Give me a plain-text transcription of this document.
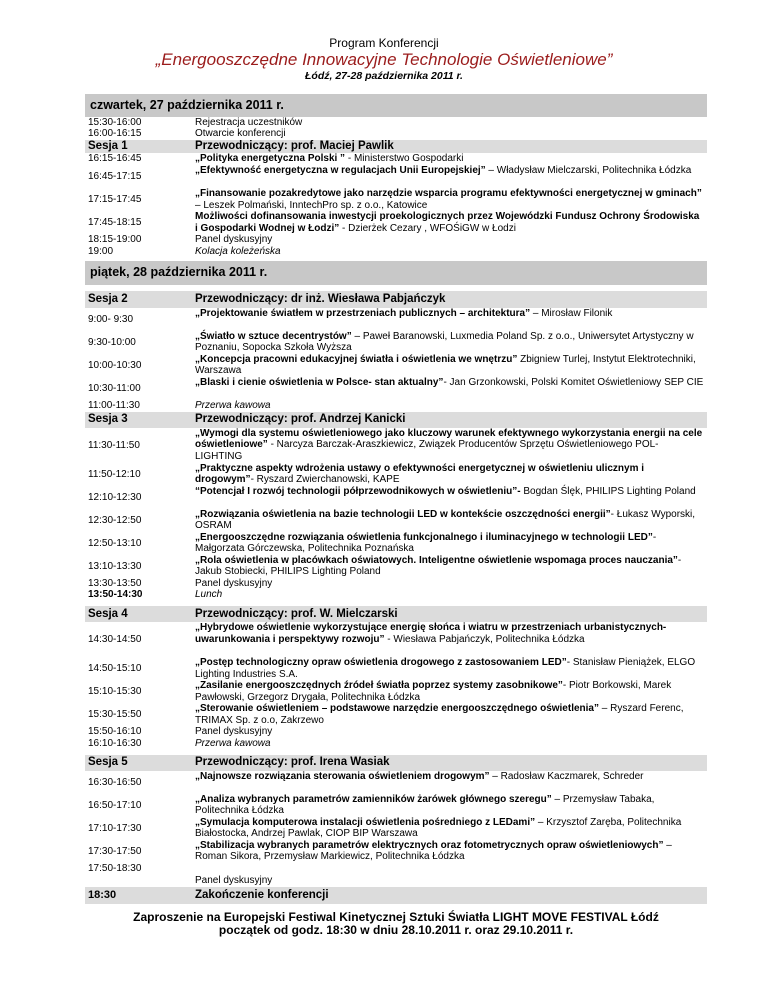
Program Konferencji
„Energooszczędne Innowacyjne Technologie Oświetleniowe”
Łódź, 27-28 października 2011 r.
czwartek, 27 października 2011 r.	
15:30-16:00	Rejestracja uczestników
16:00-16:15	Otwarcie konferencji
Sesja 1	Przewodniczący: prof. Maciej Pawlik
16:15-16:45	„Polityka energetyczna Polski ” - Ministerstwo Gospodarki
16:45-17:15	„Efektywność energetyczna w regulacjach Unii Europejskiej” – Władysław Mielczarski, Politechnika Łódzka
17:15-17:45	„Finansowanie pozakredytowe jako narzędzie wsparcia programu efektywności energetycznej w gminach” – Leszek Polmański, InntechPro sp. z o.o., Katowice
17:45-18:15	Możliwości dofinansowania inwestycji proekologicznych przez Wojewódzki Fundusz Ochrony Środowiska i Gospodarki Wodnej w Łodzi” - Dzierżek Cezary , WFOŚiGW w Łodzi
18:15-19:00	Panel dyskusyjny
19:00	Kolacja koleżeńska
piątek, 28 października 2011 r.	

Sesja 2	Przewodniczący: dr inż. Wiesława Pabjańczyk
9:00- 9:30	„Projektowanie światłem w przestrzeniach publicznych – architektura” – Mirosław Filonik
9:30-10:00	„Światło w sztuce decentrystów” – Paweł Baranowski, Luxmedia Poland Sp. z o.o., Uniwersytet Artystyczny w Poznaniu, Sopocka Szkoła Wyższa
10:00-10:30	„Koncepcja pracowni edukacyjnej światła i oświetlenia we wnętrzu” Zbigniew Turlej, Instytut Elektrotechniki, Warszawa
10:30-11:00	„Blaski i cienie oświetlenia w Polsce- stan aktualny”- Jan Grzonkowski, Polski Komitet Oświetleniowy SEP CIE
11:00-11:30	Przerwa kawowa
Sesja 3	Przewodniczący: prof. Andrzej Kanicki
11:30-11:50	„Wymogi dla systemu oświetleniowego jako kluczowy warunek efektywnego wykorzystania energii na cele oświetleniowe” - Narcyza Barczak-Araszkiewicz, Związek Producentów Sprzętu Oświetleniowego POL-LIGHTING
11:50-12:10	„Praktyczne aspekty wdrożenia ustawy o efektywności energetycznej w oświetleniu ulicznym i drogowym”- Ryszard Zwierchanowski, KAPE
12:10-12:30	“Potencjał I rozwój technologii półprzewodnikowych w oświetleniu”- Bogdan Ślęk, PHILIPS Lighting Poland
12:30-12:50	„Rozwiązania oświetlenia na bazie technologii LED w kontekście oszczędności energii”- Łukasz Wyporski, OSRAM
12:50-13:10	„Energooszczędne rozwiązania oświetlenia funkcjonalnego i iluminacyjnego w technologii LED”- Małgorzata Górczewska, Politechnika Poznańska
13:10-13:30	„Rola oświetlenia w placówkach oświatowych. Inteligentne oświetlenie wspomaga proces nauczania”- Jakub Stobiecki, PHILIPS Lighting Poland
13:30-13:50	Panel dyskusyjny
13:50-14:30	Lunch

Sesja 4	Przewodniczący: prof. W. Mielczarski
14:30-14:50	„Hybrydowe oświetlenie wykorzystujące energię słońca i wiatru w przestrzeniach urbanistycznych- uwarunkowania i perspektywy rozwoju” - Wiesława Pabjańczyk, Politechnika Łódzka
14:50-15:10	„Postęp technologiczny opraw oświetlenia drogowego z zastosowaniem LED”- Stanisław Pieniążek, ELGO Lighting Industries S.A.
15:10-15:30	„Zasilanie energooszczędnych źródeł światła poprzez systemy zasobnikowe”- Piotr Borkowski, Marek Pawłowski, Grzegorz Drygała, Politechnika Łódzka
15:30-15:50	„Sterowanie oświetleniem – podstawowe narzędzie energooszczędnego oświetlenia” – Ryszard Ferenc, TRIMAX Sp. z o.o, Zakrzewo
15:50-16:10	Panel dyskusyjny
16:10-16:30	Przerwa kawowa

Sesja 5	Przewodniczący: prof. Irena Wasiak
16:30-16:50	„Najnowsze rozwiązania sterowania oświetleniem drogowym” – Radosław Kaczmarek, Schreder
16:50-17:10	„Analiza wybranych parametrów zamienników żarówek głównego szeregu” – Przemysław Tabaka, Politechnika Łódzka
17:10-17:30	„Symulacja komputerowa instalacji oświetlenia pośredniego z LEDami” – Krzysztof Zaręba, Politechnika Białostocka, Andrzej Pawlak, CIOP BIP Warszawa
17:30-17:50	„Stabilizacja wybranych parametrów elektrycznych oraz fotometrycznych opraw oświetleniowych” – Roman Sikora, Przemysław Markiewicz, Politechnika Łódzka
17:50-18:30	Panel dyskusyjny
18:30	Zakończenie konferencji
Zaproszenie na Europejski Festiwal Kinetycznej Sztuki Światła LIGHT MOVE FESTIVAL Łódź
początek od godz. 18:30 w dniu 28.10.2011 r. oraz 29.10.2011 r.
